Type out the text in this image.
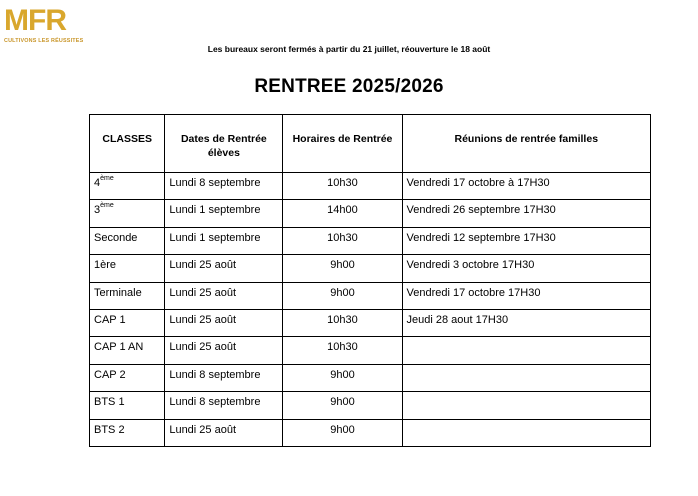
MFR
CULTIVONS LES RÉUSSITES
Les bureaux seront fermés à partir du 21 juillet, réouverture le 18 août
RENTREE 2025/2026
CLASSES	Dates de Rentrée élèves	Horaires de Rentrée	Réunions de rentrée familles
4ème	Lundi 8 septembre	10h30	Vendredi 17 octobre à 17H30
3ème	Lundi 1 septembre	14h00	Vendredi 26 septembre 17H30
Seconde	Lundi 1 septembre	10h30	Vendredi 12 septembre 17H30
1ère	Lundi 25 août	9h00	Vendredi 3 octobre 17H30
Terminale	Lundi 25 août	9h00	Vendredi 17 octobre 17H30
CAP 1	Lundi 25 août	10h30	Jeudi 28 aout 17H30
CAP 1 AN	Lundi 25 août	10h30	
CAP 2	Lundi 8 septembre	9h00	
BTS 1	Lundi 8 septembre	9h00	
BTS 2	Lundi 25 août	9h00	
